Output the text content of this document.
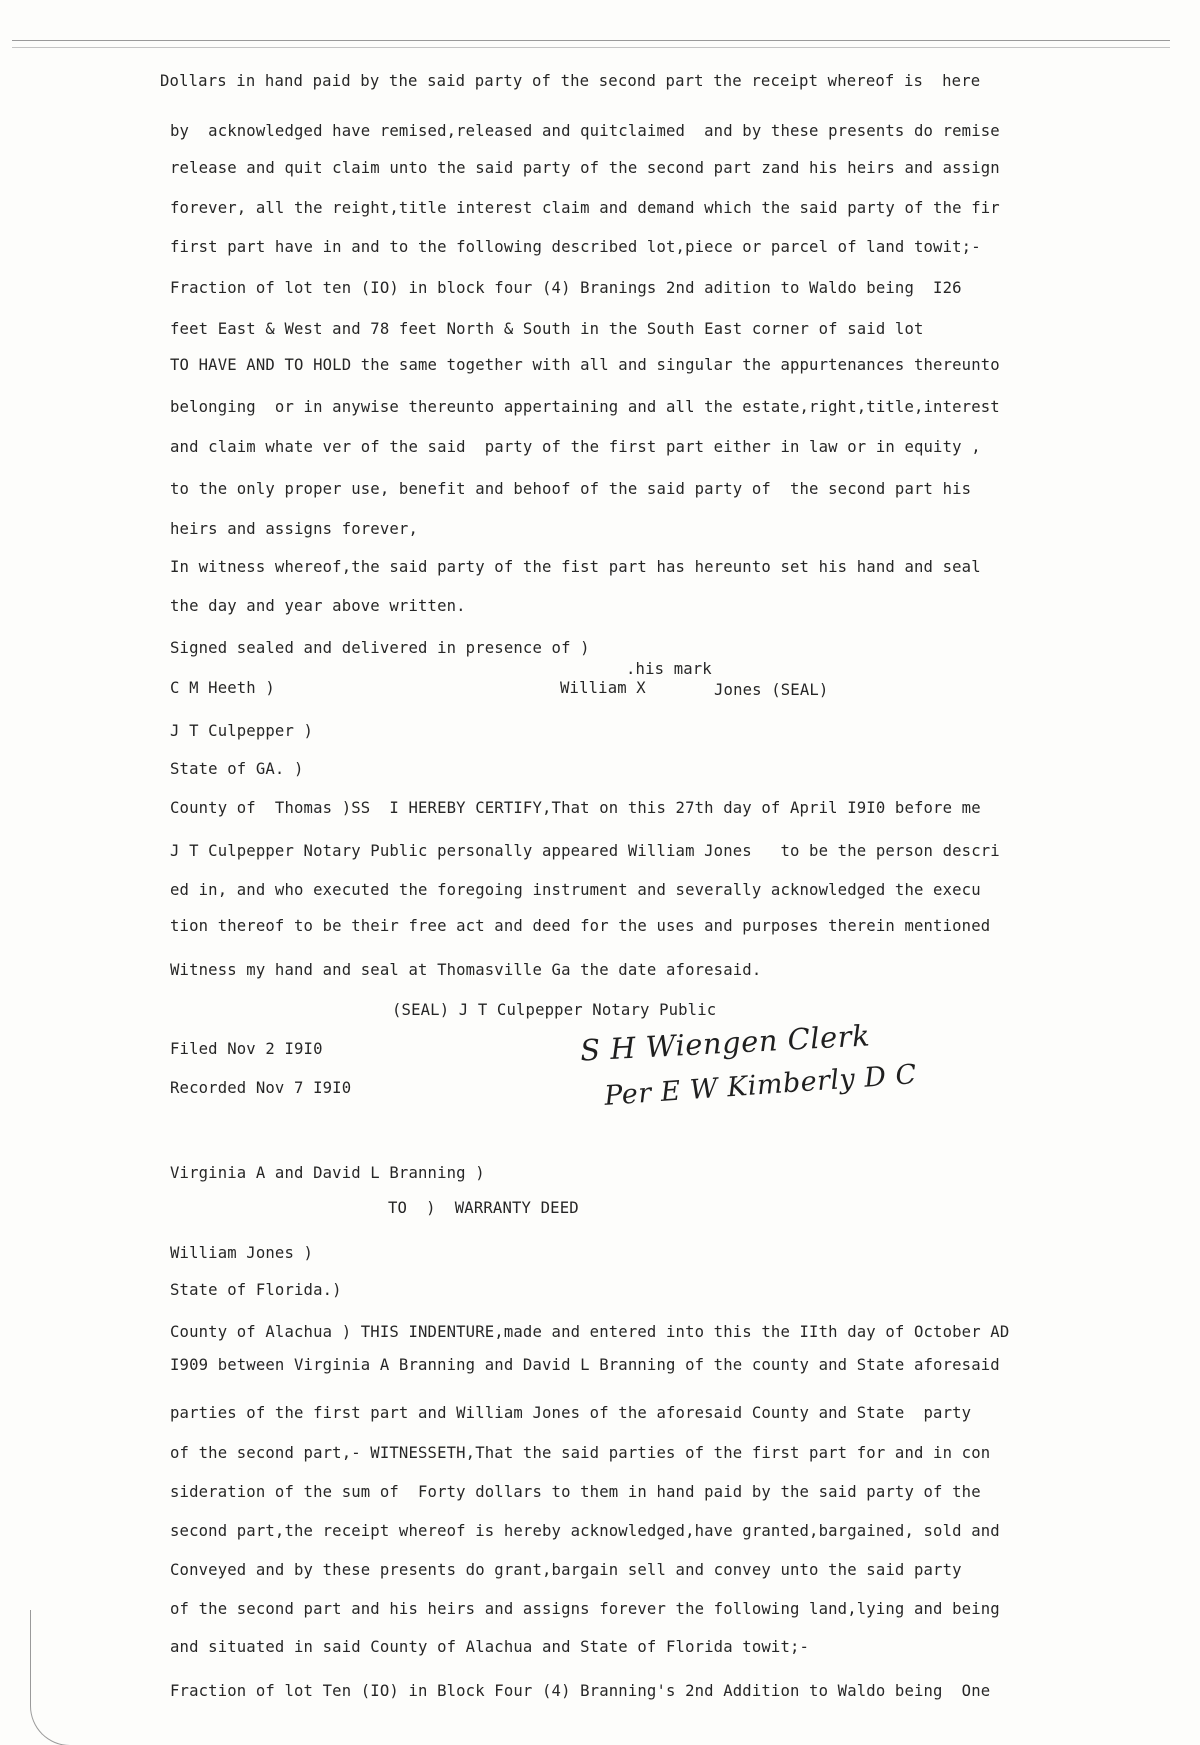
Dollars in hand paid by the said party of the second part the receipt whereof is  here
by  acknowledged have remised,released and quitclaimed  and by these presents do remise
release and quit claim unto the said party of the second part zand his heirs and assign
forever, all the reight,title interest claim and demand which the said party of the fir
first part have in and to the following described lot,piece or parcel of land towit;-
Fraction of lot ten (IO) in block four (4) Branings 2nd adition to Waldo being  I26
feet East & West and 78 feet North & South in the South East corner of said lot
TO HAVE AND TO HOLD the same together with all and singular the appurtenances thereunto
belonging  or in anywise thereunto appertaining and all the estate,right,title,interest
and claim whate ver of the said  party of the first part either in law or in equity ,
to the only proper use, benefit and behoof of the said party of  the second part his
heirs and assigns forever,
In witness whereof,the said party of the fist part has hereunto set his hand and seal
the day and year above written.
Signed sealed and delivered in presence of )
.his mark
C M Heeth )	William X	Jones (SEAL)
J T Culpepper )
State of GA. )
County of  Thomas )SS  I HEREBY CERTIFY,That on this 27th day of April I9I0 before me
J T Culpepper Notary Public personally appeared William Jones   to be the person descri
ed in, and who executed the foregoing instrument and severally acknowledged the execu
tion thereof to be their free act and deed for the uses and purposes therein mentioned
Witness my hand and seal at Thomasville Ga the date aforesaid.
(SEAL) J T Culpepper Notary Public
Filed Nov 2 I9I0
Recorded Nov 7 I9I0
S H Wiengen Clerk
Per E W Kimberly D C
Virginia A and David L Branning )
TO  )  WARRANTY DEED
William Jones )
State of Florida.)
County of Alachua ) THIS INDENTURE,made and entered into this the IIth day of October AD
I909 between Virginia A Branning and David L Branning of the county and State aforesaid
parties of the first part and William Jones of the aforesaid County and State  party
of the second part,- WITNESSETH,That the said parties of the first part for and in con
sideration of the sum of  Forty dollars to them in hand paid by the said party of the
second part,the receipt whereof is hereby acknowledged,have granted,bargained, sold and
Conveyed and by these presents do grant,bargain sell and convey unto the said party
of the second part and his heirs and assigns forever the following land,lying and being
and situated in said County of Alachua and State of Florida towit;-
Fraction of lot Ten (IO) in Block Four (4) Branning's 2nd Addition to Waldo being  One
